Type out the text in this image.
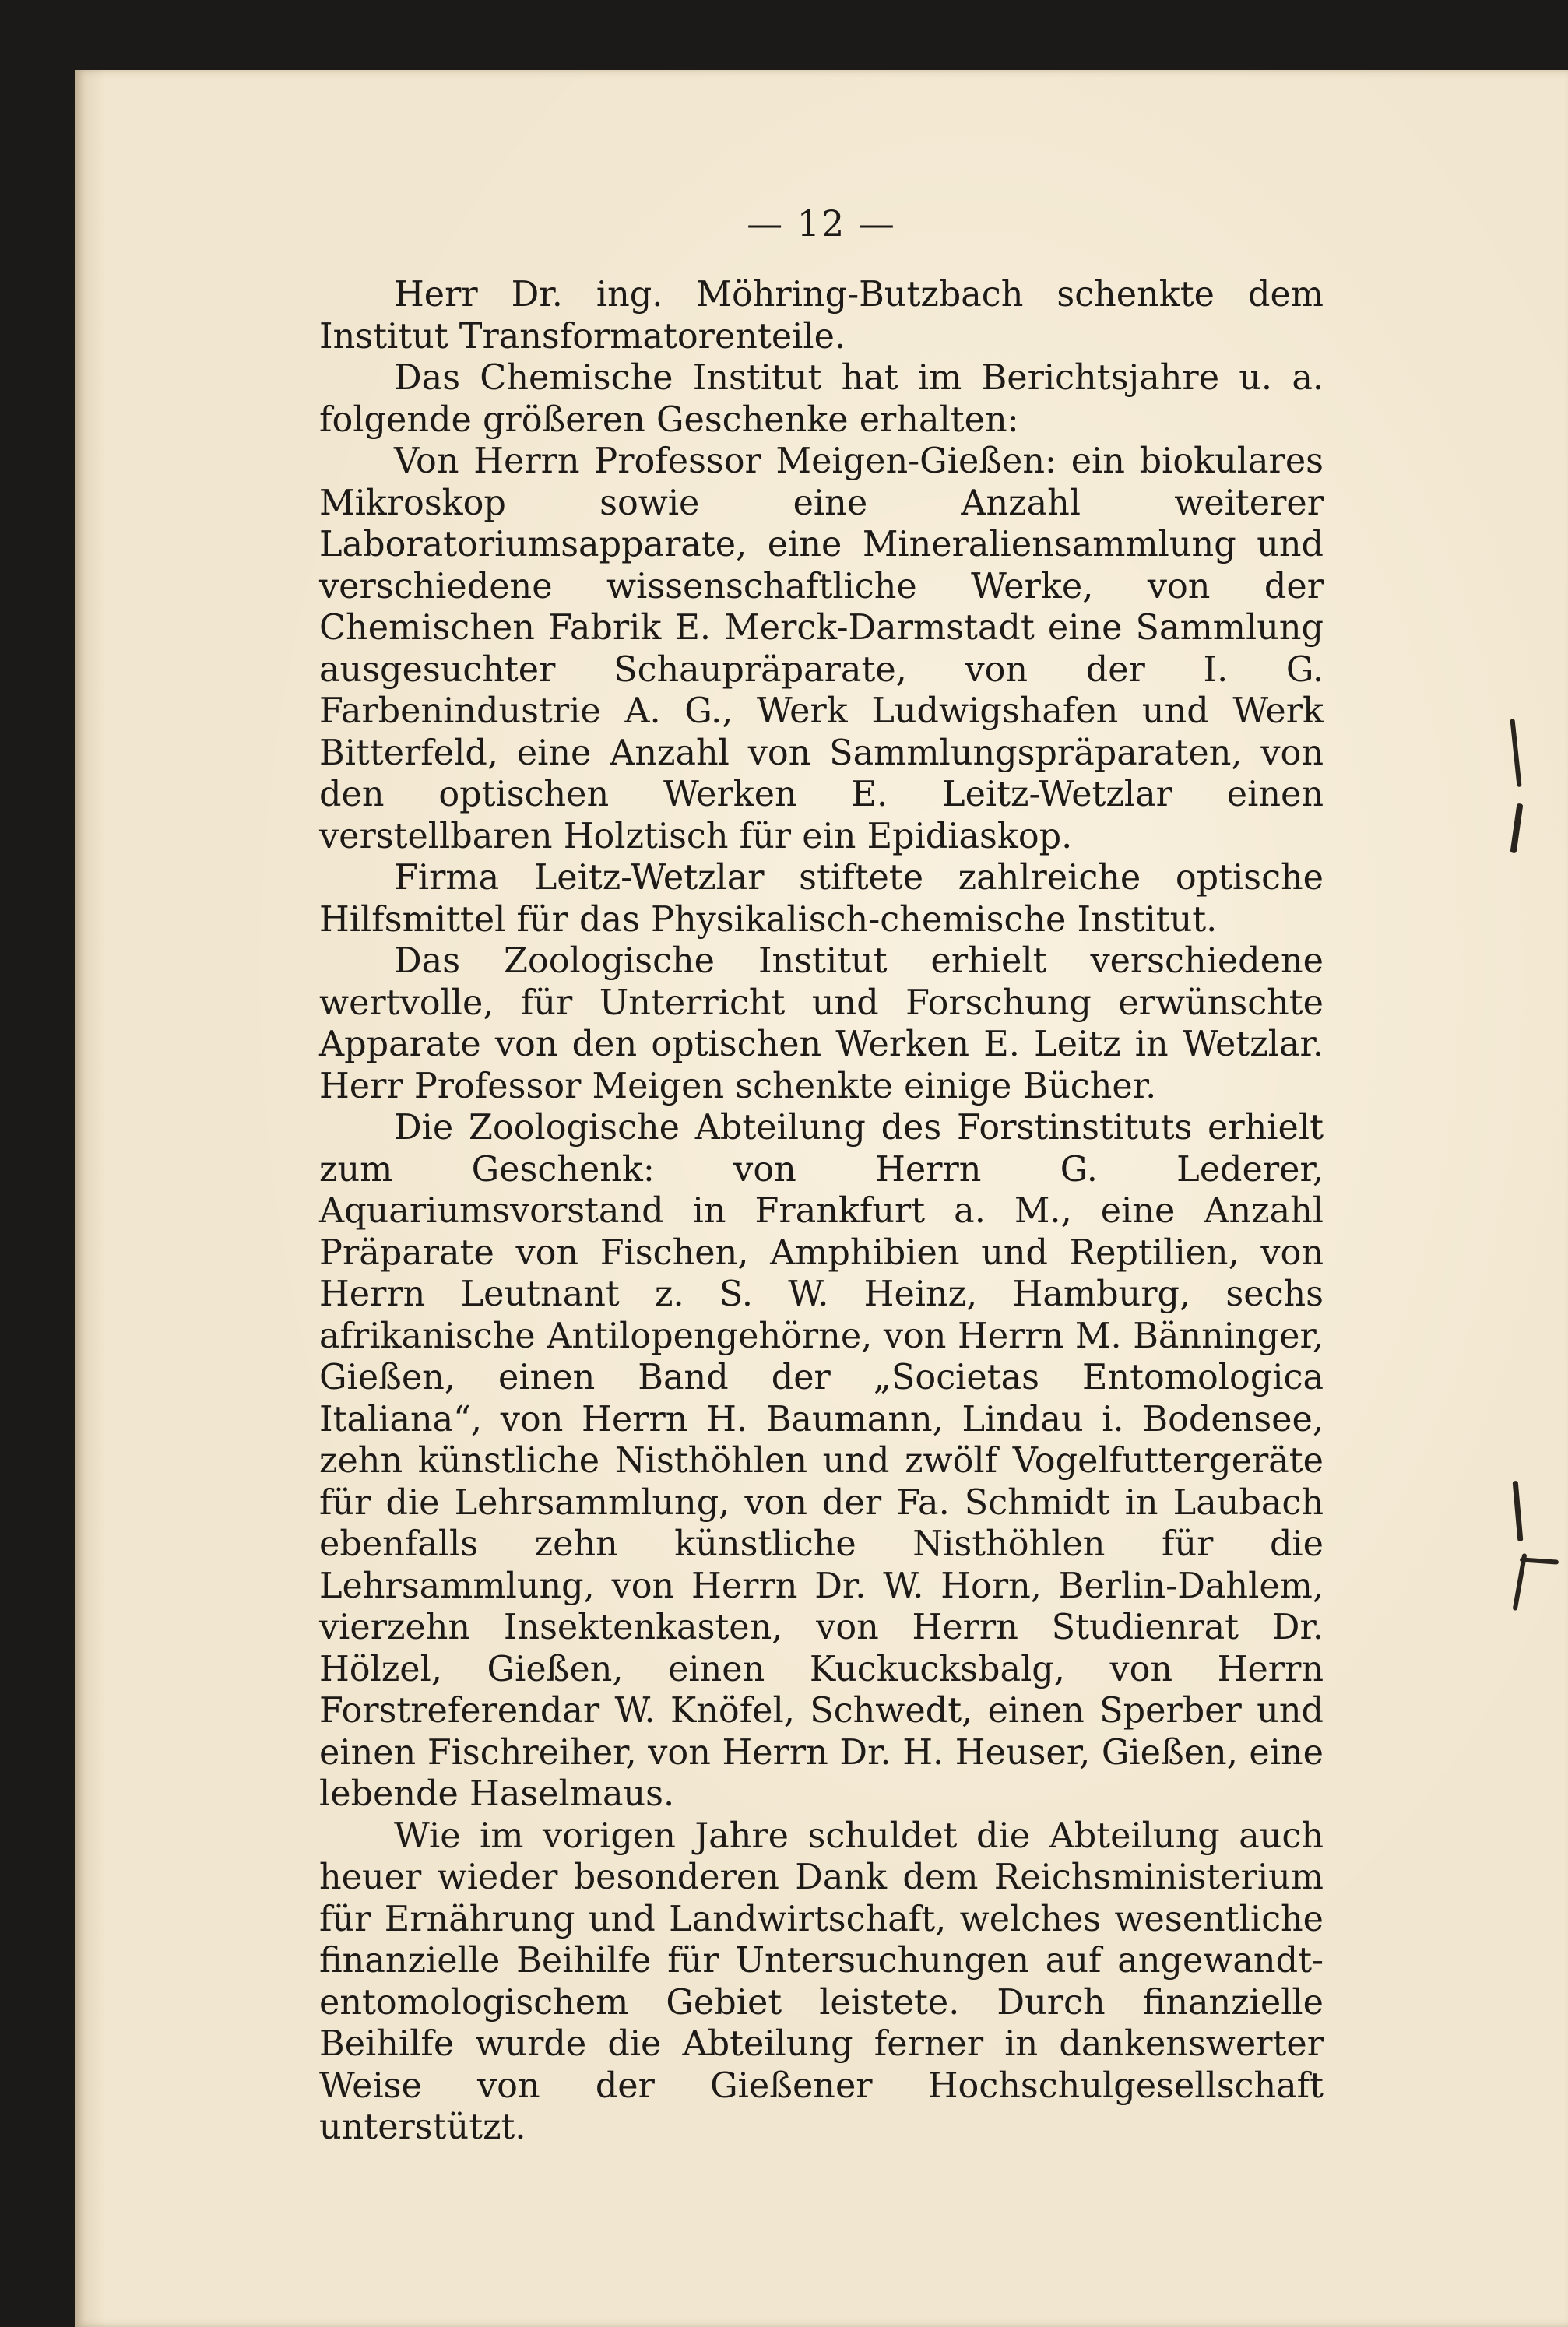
— 12 —

Herr Dr. ing. Möhring-Butzbach schenkte dem Institut Transformatorenteile.

Das Chemische Institut hat im Berichtsjahre u. a. folgende größeren Geschenke erhalten:

Von Herrn Professor Meigen-Gießen: ein biokulares Mikroskop sowie eine Anzahl weiterer Laboratoriumsapparate, eine Mineraliensammlung und verschiedene wissenschaftliche Werke, von der Chemischen Fabrik E. Merck-Darmstadt eine Sammlung ausgesuchter Schaupräparate, von der I. G. Farbenindustrie A. G., Werk Ludwigshafen und Werk Bitterfeld, eine Anzahl von Sammlungspräparaten, von den optischen Werken E. Leitz-Wetzlar einen verstellbaren Holztisch für ein Epidiaskop.

Firma Leitz-Wetzlar stiftete zahlreiche optische Hilfsmittel für das Physikalisch-chemische Institut.

Das Zoologische Institut erhielt verschiedene wertvolle, für Unterricht und Forschung erwünschte Apparate von den optischen Werken E. Leitz in Wetzlar. Herr Professor Meigen schenkte einige Bücher.

Die Zoologische Abteilung des Forstinstituts erhielt zum Geschenk: von Herrn G. Lederer, Aquariumsvorstand in Frankfurt a. M., eine Anzahl Präparate von Fischen, Amphibien und Reptilien, von Herrn Leutnant z. S. W. Heinz, Hamburg, sechs afrikanische Antilopengehörne, von Herrn M. Bänninger, Gießen, einen Band der „Societas Entomologica Italiana“, von Herrn H. Baumann, Lindau i. Bodensee, zehn künstliche Nisthöhlen und zwölf Vogelfuttergeräte für die Lehrsammlung, von der Fa. Schmidt in Laubach ebenfalls zehn künstliche Nisthöhlen für die Lehrsammlung, von Herrn Dr. W. Horn, Berlin-Dahlem, vierzehn Insektenkasten, von Herrn Studienrat Dr. Hölzel, Gießen, einen Kuckucksbalg, von Herrn Forstreferendar W. Knöfel, Schwedt, einen Sperber und einen Fischreiher, von Herrn Dr. H. Heuser, Gießen, eine lebende Haselmaus.

Wie im vorigen Jahre schuldet die Abteilung auch heuer wieder besonderen Dank dem Reichsministerium für Ernährung und Landwirtschaft, welches wesentliche finanzielle Beihilfe für Untersuchungen auf angewandt-entomologischem Gebiet leistete. Durch finanzielle Beihilfe wurde die Abteilung ferner in dankenswerter Weise von der Gießener Hochschulgesellschaft unterstützt.
